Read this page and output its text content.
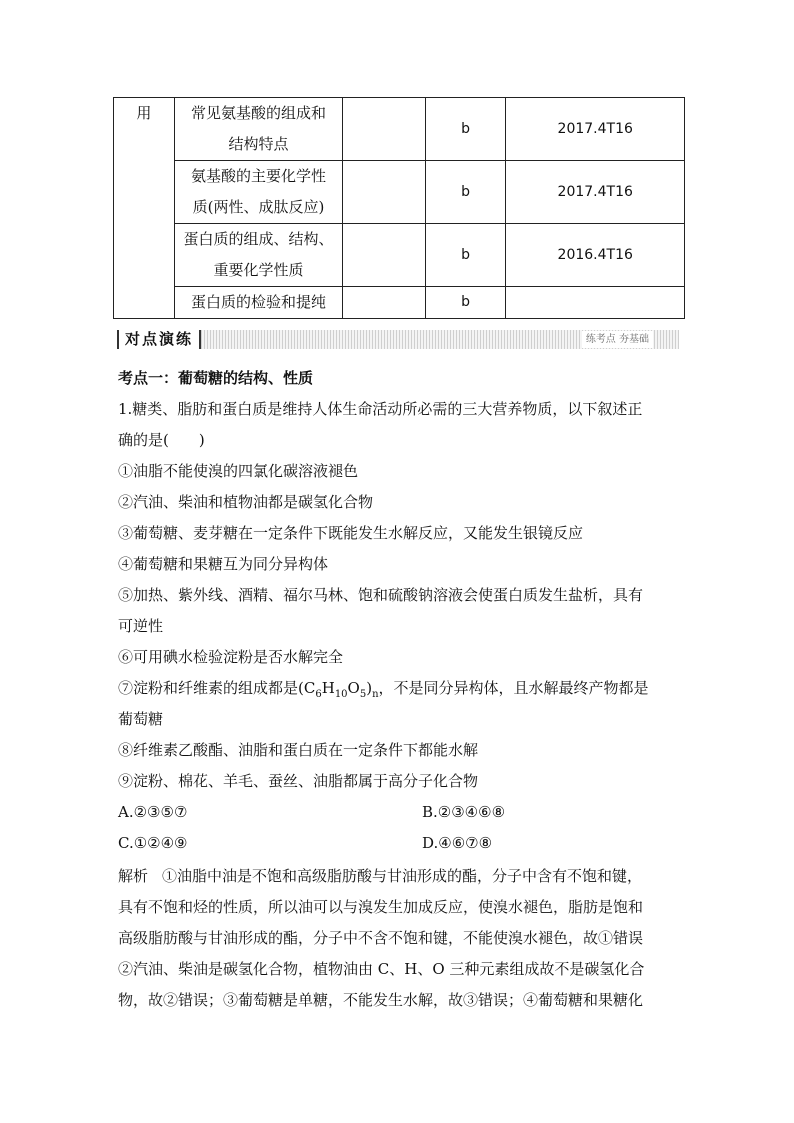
用	常见氨基酸的组成和
结构特点		b	2017.4T16
	氨基酸的主要化学性
质(两性、成肽反应)		b	2017.4T16
	蛋白质的组成、结构、
重要化学性质		b	2016.4T16
	蛋白质的检验和提纯		b	
对点演练	练考点 夯基础
考点一：葡萄糖的结构、性质
1.糖类、脂肪和蛋白质是维持人体生命活动所必需的三大营养物质，以下叙述正
确的是(　　)
①油脂不能使溴的四氯化碳溶液褪色
②汽油、柴油和植物油都是碳氢化合物
③葡萄糖、麦芽糖在一定条件下既能发生水解反应，又能发生银镜反应
④葡萄糖和果糖互为同分异构体
⑤加热、紫外线、酒精、福尔马林、饱和硫酸钠溶液会使蛋白质发生盐析，具有
可逆性
⑥可用碘水检验淀粉是否水解完全
⑦淀粉和纤维素的组成都是$(C_6H_{10}O_5)_n$，不是同分异构体，且水解最终产物都是
葡萄糖
⑧纤维素乙酸酯、油脂和蛋白质在一定条件下都能水解
⑨淀粉、棉花、羊毛、蚕丝、油脂都属于高分子化合物
A.②③⑤⑦	B.②③④⑥⑧
C.①②④⑨	D.④⑥⑦⑧
解析 ①油脂中油是不饱和高级脂肪酸与甘油形成的酯，分子中含有不饱和键，
具有不饱和烃的性质，所以油可以与溴发生加成反应，使溴水褪色，脂肪是饱和
高级脂肪酸与甘油形成的酯，分子中不含不饱和键，不能使溴水褪色，故①错误
②汽油、柴油是碳氢化合物，植物油由 C、H、O 三种元素组成故不是碳氢化合
物，故②错误；③葡萄糖是单糖，不能发生水解，故③错误；④葡萄糖和果糖化
